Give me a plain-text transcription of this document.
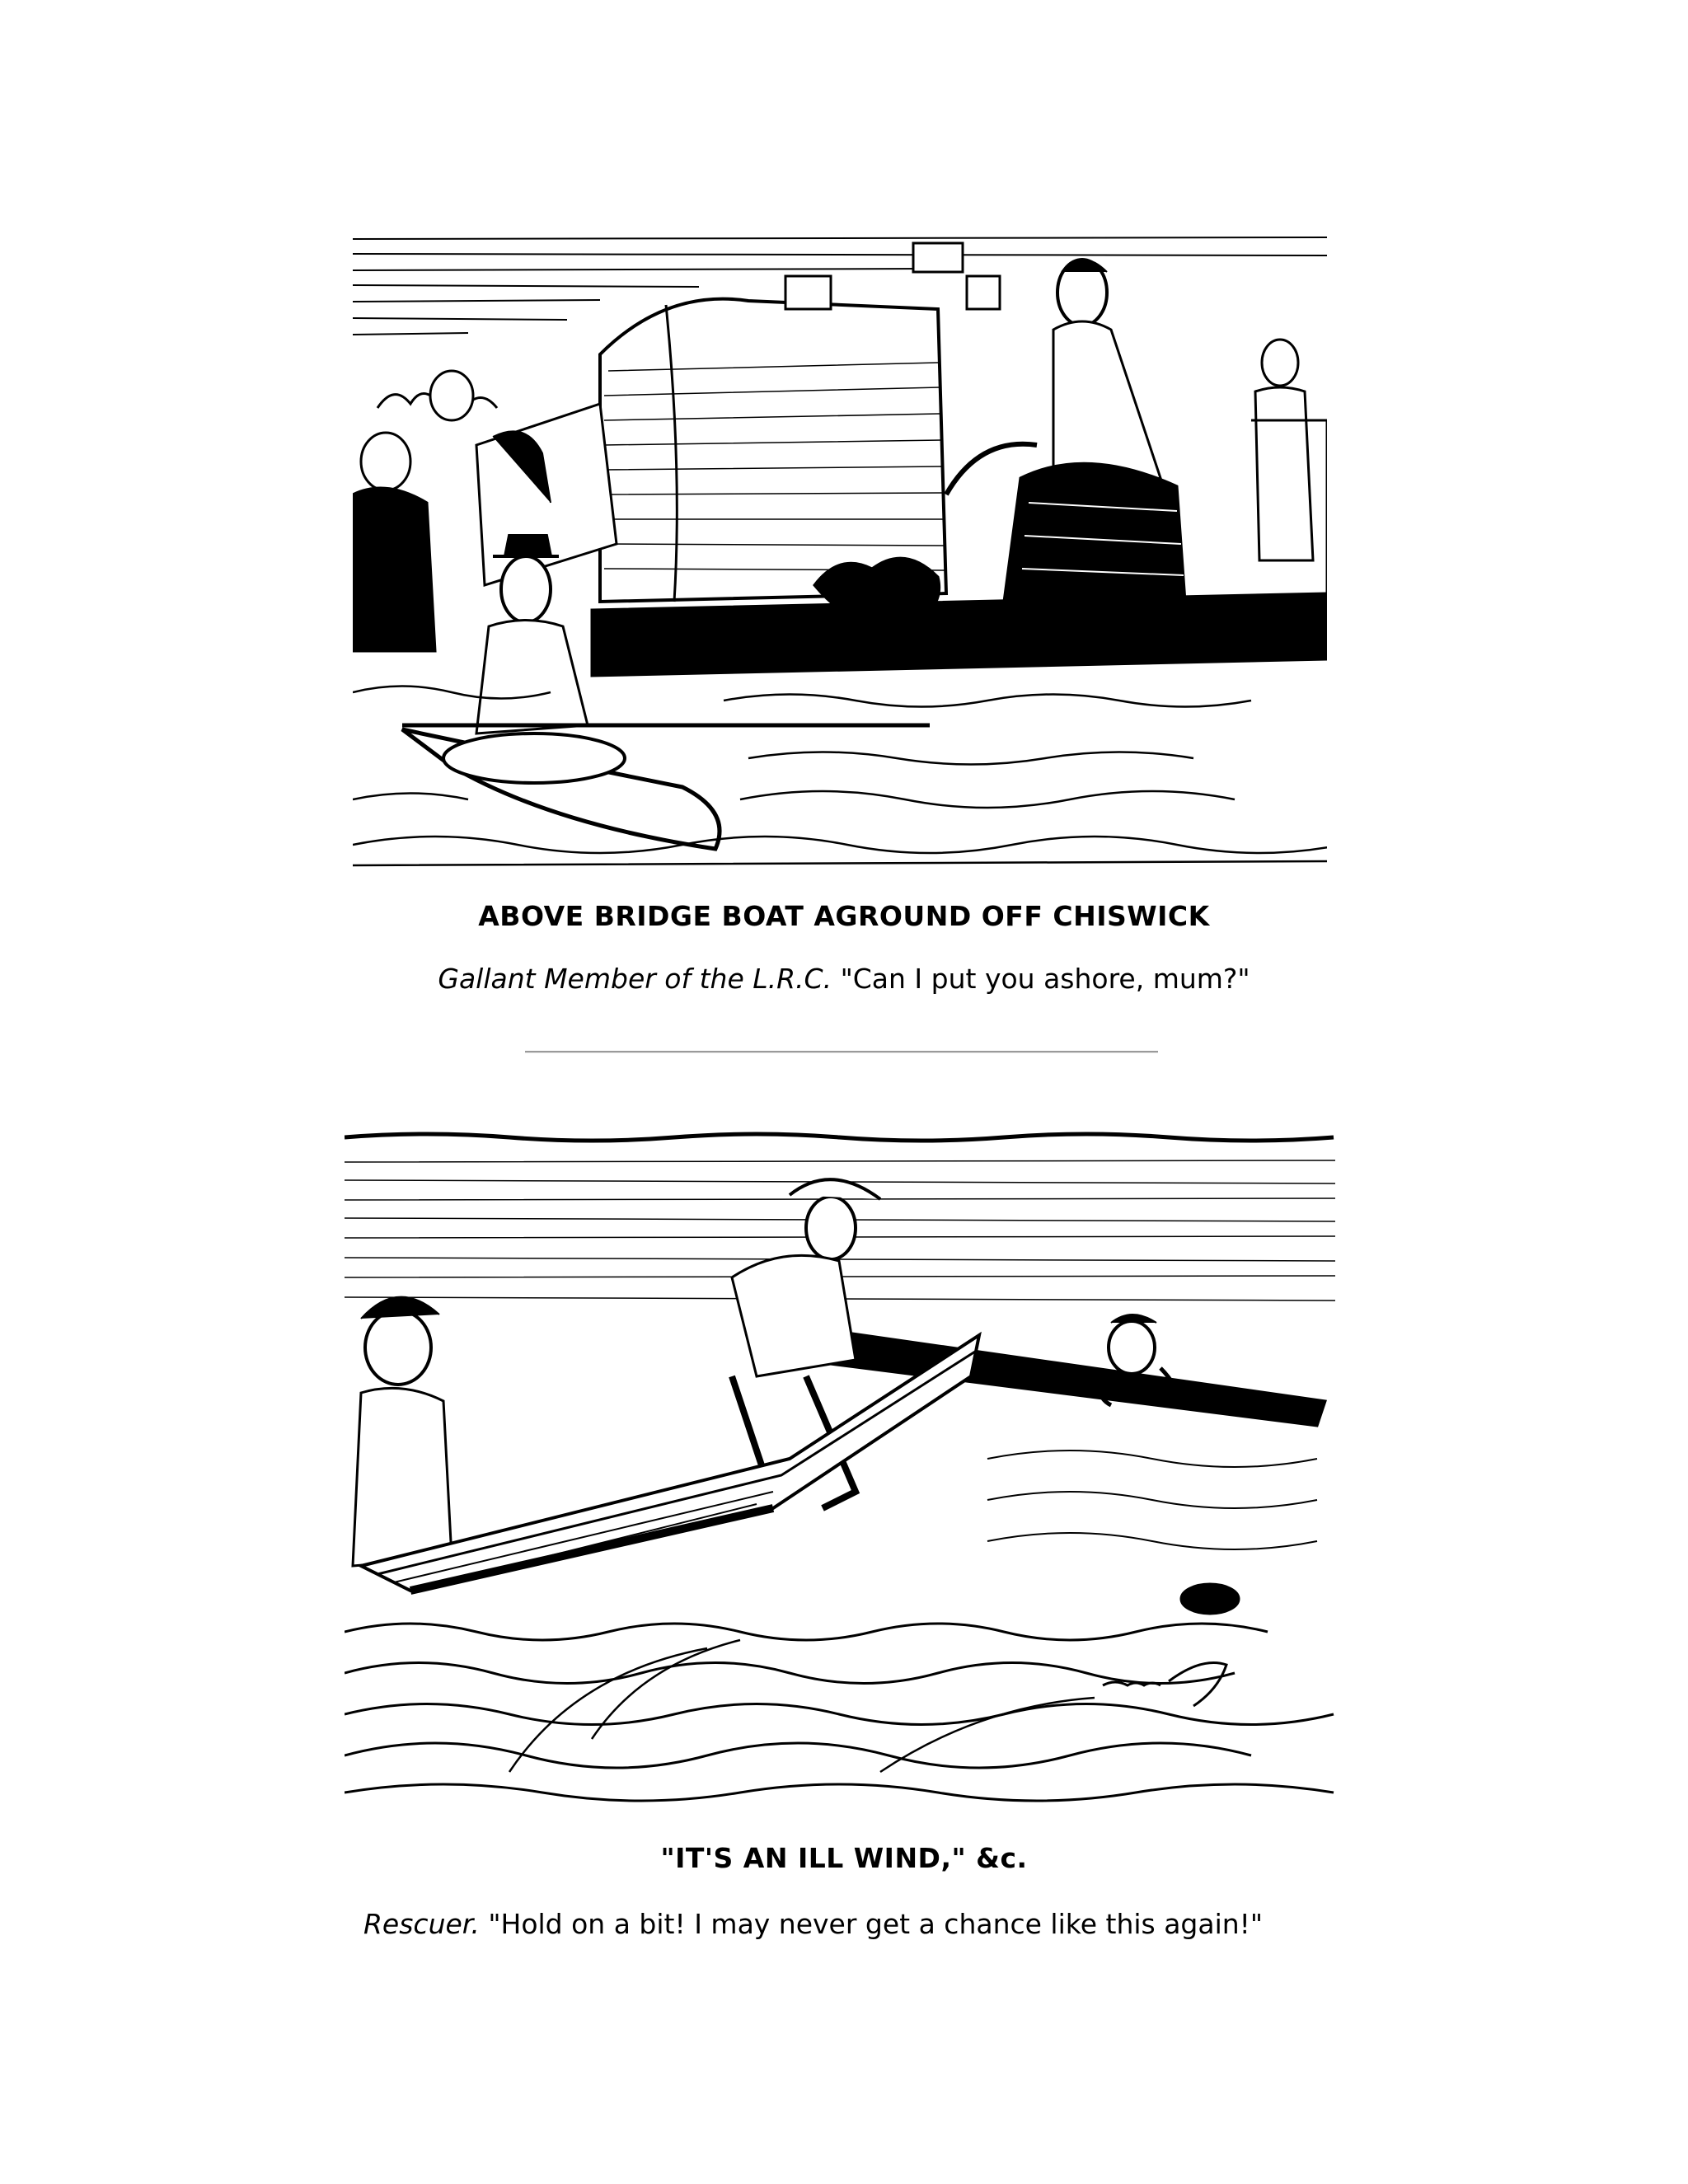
ABOVE BRIDGE BOAT AGROUND OFF CHISWICK
Gallant Member of the L.R.C. "Can I put you ashore, mum?"
"IT'S AN ILL WIND," &c.
Rescuer. "Hold on a bit! I may never get a chance like this again!"
